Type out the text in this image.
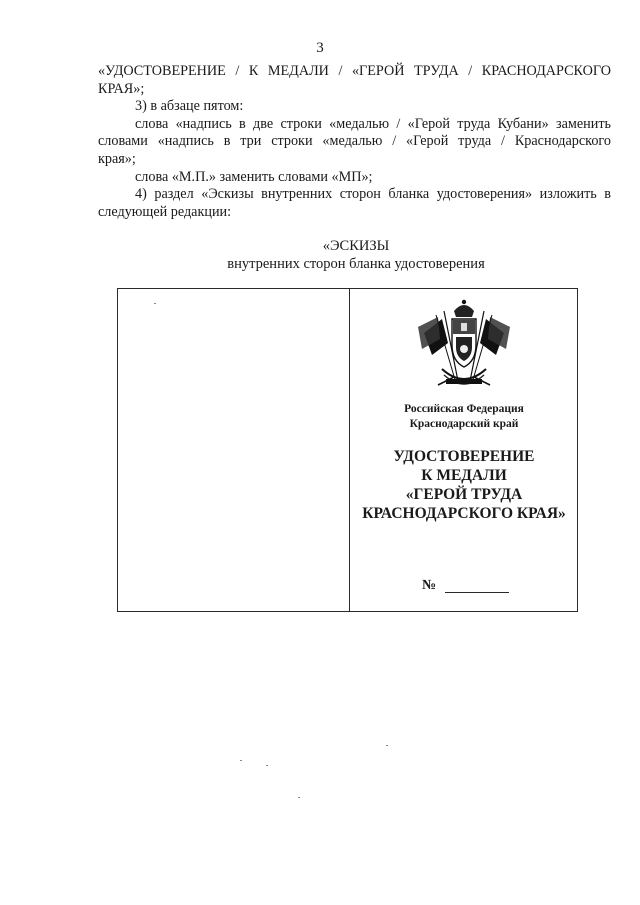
3

«УДОСТОВЕРЕНИЕ / К МЕДАЛИ / «ГЕРОЙ ТРУДА / КРАСНОДАРСКОГО

КРАЯ»;

3) в абзаце пятом:

слова «надпись в две строки «медалью / «Герой труда Кубани» заменить

словами «надпись в три строки «медалью / «Герой труда / Краснодарского

края»;

слова «М.П.» заменить словами «МП»;

4) раздел «Эскизы внутренних сторон бланка удостоверения» изложить в

следующей редакции:

«ЭСКИЗЫ
внутренних сторон бланка удостоверения
Российская Федерация
Краснодарский край
УДОСТОВЕРЕНИЕ
К МЕДАЛИ
«ГЕРОЙ ТРУДА
КРАСНОДАРСКОГО КРАЯ»
№
